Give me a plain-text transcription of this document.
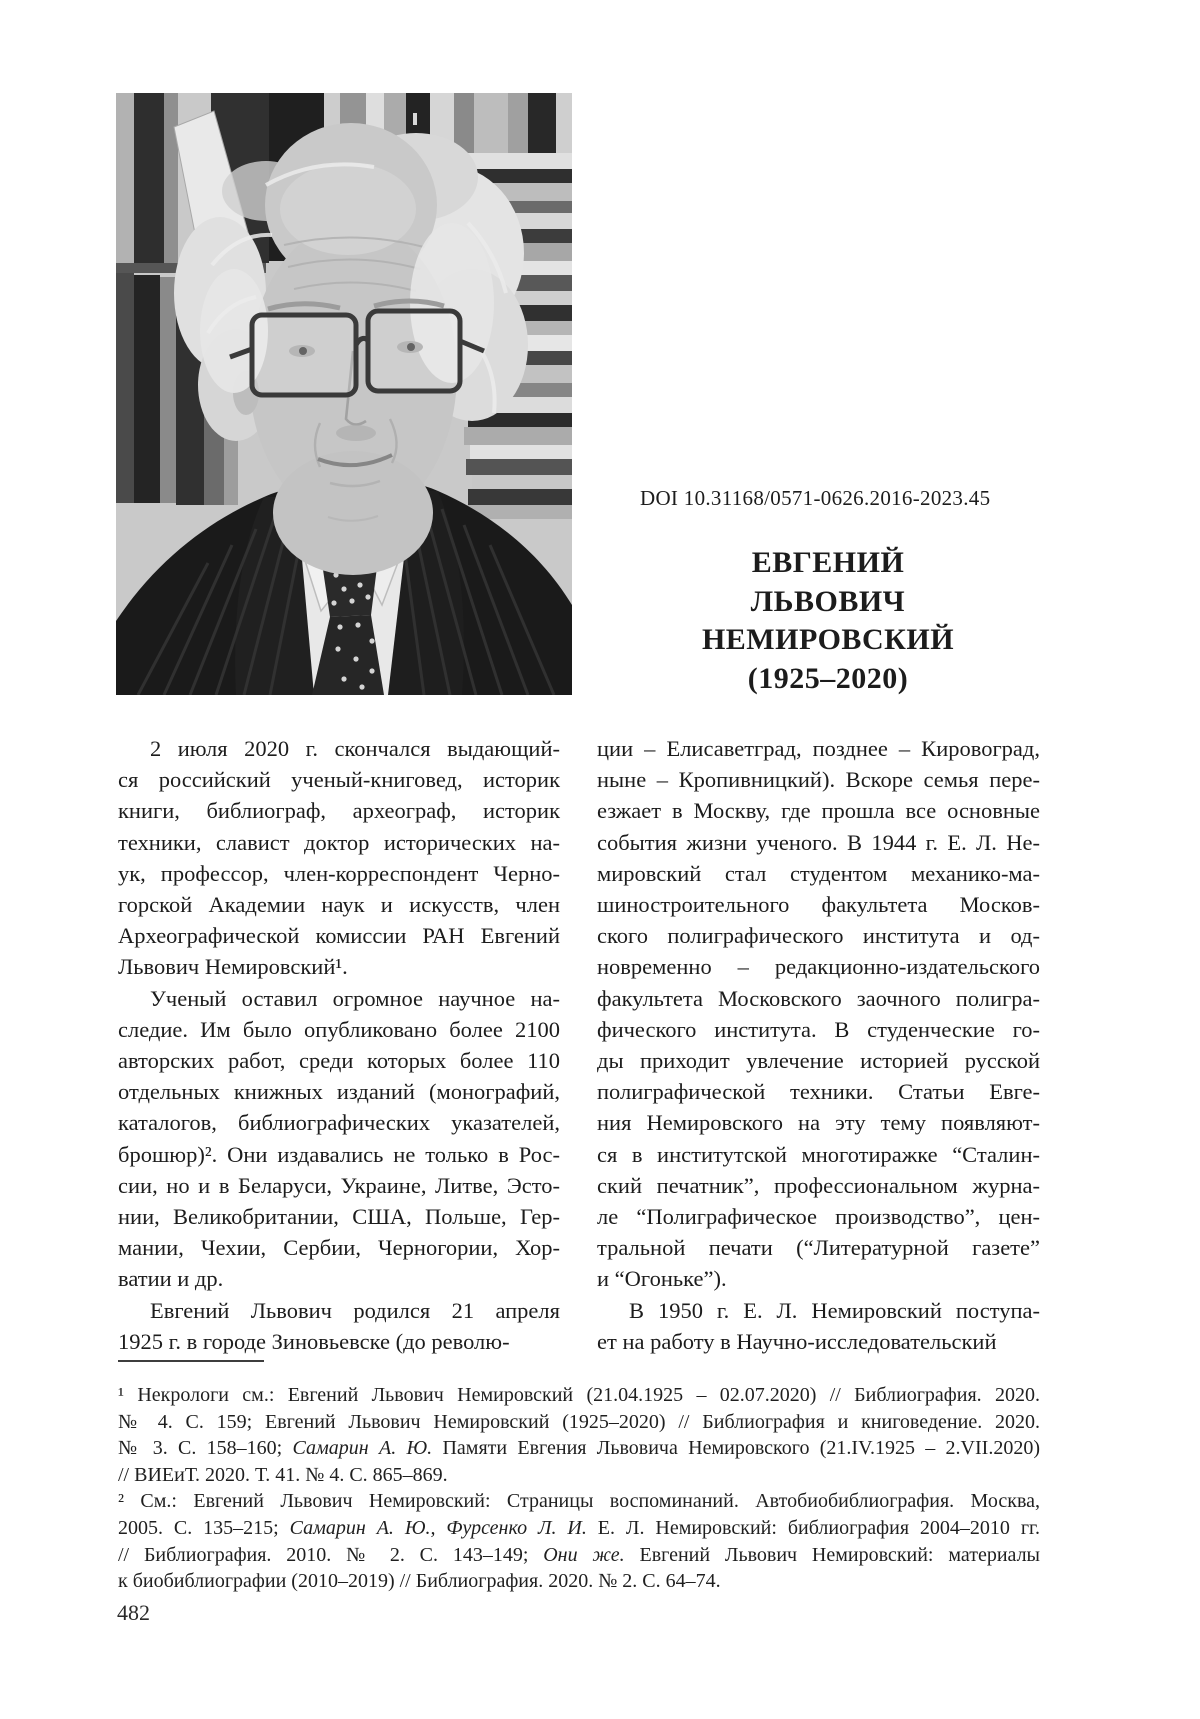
DOI 10.31168/0571-0626.2016-2023.45
ЕВГЕНИЙ
ЛЬВОВИЧ
НЕМИРОВСКИЙ
(1925–2020)
2 июля 2020 г. скончался выдающий-
ся российский ученый-книговед, историк
книги, библиограф, археограф, историк
техники, славист доктор исторических на-
ук, профессор, член-корреспондент Черно-
горской Академии наук и искусств, член
Археографической комиссии РАН Евгений
Львович Немировский¹.
Ученый оставил огромное научное на-
следие. Им было опубликовано более 2100
авторских работ, среди которых более 110
отдельных книжных изданий (монографий,
каталогов, библиографических указателей,
брошюр)². Они издавались не только в Рос-
сии, но и в Беларуси, Украине, Литве, Эсто-
нии, Великобритании, США, Польше, Гер-
мании, Чехии, Сербии, Черногории, Хор-
ватии и др.
Евгений Львович родился 21 апреля
1925 г. в городе Зиновьевске (до револю-
ции – Елисаветград, позднее – Кировоград,
ныне – Кропивницкий). Вскоре семья пере-
езжает в Москву, где прошла все основные
события жизни ученого. В 1944 г. Е. Л. Не-
мировский стал студентом механико-ма-
шиностроительного факультета Москов-
ского полиграфического института и од-
новременно – редакционно-издательского
факультета Московского заочного полигра-
фического института. В студенческие го-
ды приходит увлечение историей русской
полиграфической техники. Статьи Евге-
ния Немировского на эту тему появляют-
ся в институтской многотиражке “Сталин-
ский печатник”, профессиональном журна-
ле “Полиграфическое производство”, цен-
тральной печати (“Литературной газете”
и “Огоньке”).
В 1950 г. Е. Л. Немировский поступа-
ет на работу в Научно-исследовательский
¹ Некрологи см.: Евгений Львович Немировский (21.04.1925 – 02.07.2020) // Библиография. 2020.
№ 4. С. 159; Евгений Львович Немировский (1925–2020) // Библиография и книговедение. 2020.
№ 3. С. 158–160; Самарин А. Ю. Памяти Евгения Львовича Немировского (21.IV.1925 – 2.VII.2020)
// ВИЕиТ. 2020. Т. 41. № 4. С. 865–869.
² См.: Евгений Львович Немировский: Страницы воспоминаний. Автобиобиблиография. Москва,
2005. С. 135–215; Самарин А. Ю., Фурсенко Л. И. Е. Л. Немировский: библиография 2004–2010 гг.
// Библиография. 2010. № 2. С. 143–149; Они же. Евгений Львович Немировский: материалы
к биобиблиографии (2010–2019) // Библиография. 2020. № 2. С. 64–74.
482
